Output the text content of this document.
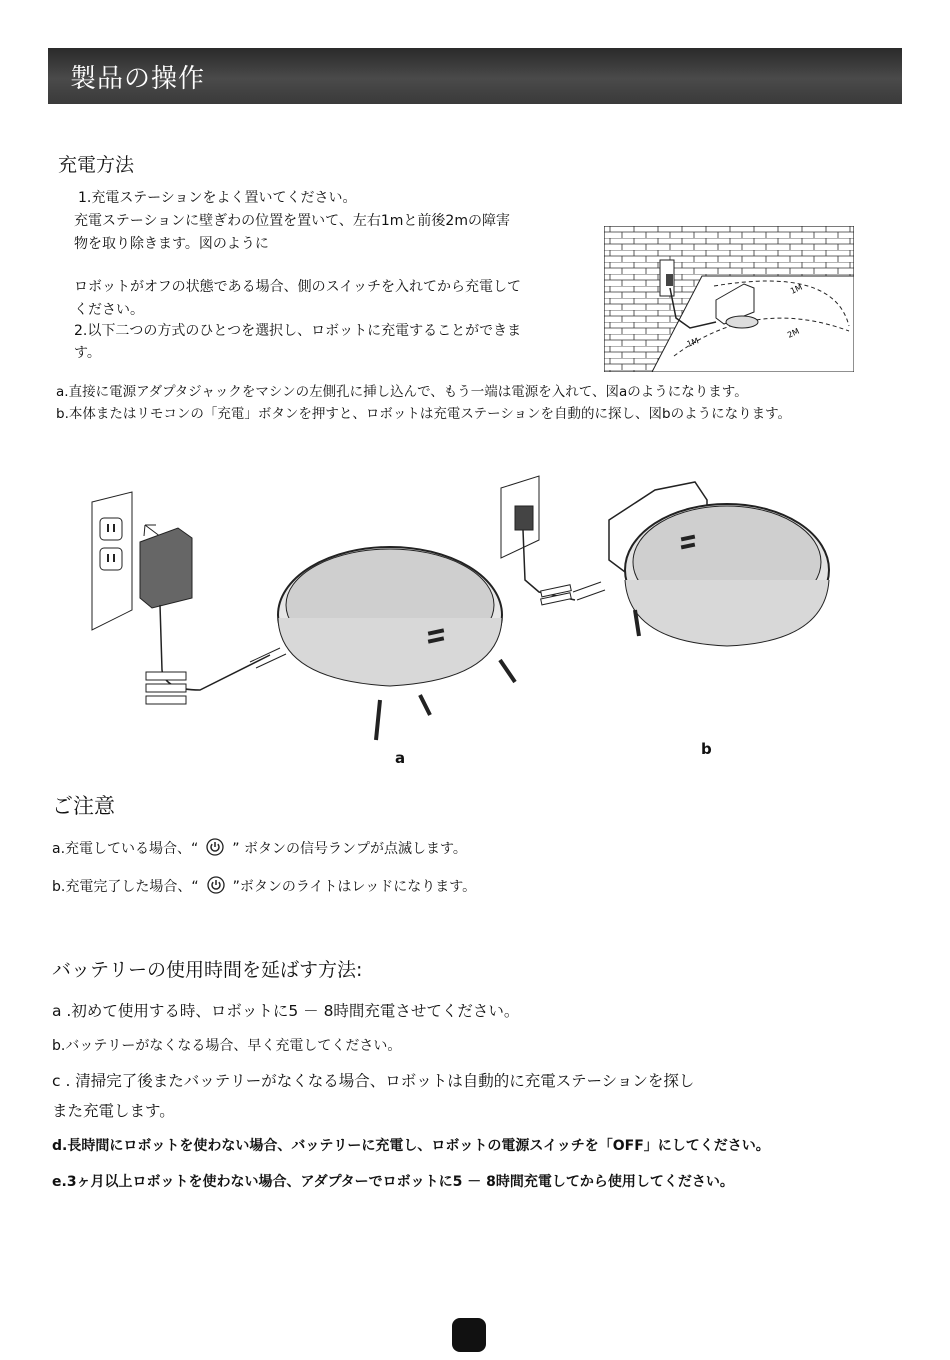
製品の操作
充電方法
1.充電ステーションをよく置いてください。
充電ステーションに壁ぎわの位置を置いて、左右1mと前後2mの障害
物を取り除きます。図のように
ロボットがオフの状態である場合、側のスイッチを入れてから充電して
ください。
2.以下二つの方式のひとつを選択し、ロボットに充電することができま
す。
1M
2M
1M
a.直接に電源アダプタジャックをマシンの左側孔に挿し込んで、もう一端は電源を入れて、図aのようになります。
b.本体またはリモコンの「充電」ボタンを押すと、ロボットは充電ステーションを自動的に探し、図bのようになります。
a	b
ご注意
a.充電している場合、“ ” ボタンの信号ランプが点滅します。
b.充電完了した場合、“ ”ボタンのライトはレッドになります。
バッテリーの使用時間を延ばす方法:
a .初めて使用する時、ロボットに5 － 8時間充電させてください。
b.バッテリーがなくなる場合、早く充電してください。
c . 清掃完了後またバッテリーがなくなる場合、ロボットは自動的に充電ステーションを探し
また充電します。
d.長時間にロボットを使わない場合、バッテリーに充電し、ロボットの電源スイッチを「OFF」にしてください。
e.3ヶ月以上ロボットを使わない場合、アダプターでロボットに5 － 8時間充電してから使用してください。
